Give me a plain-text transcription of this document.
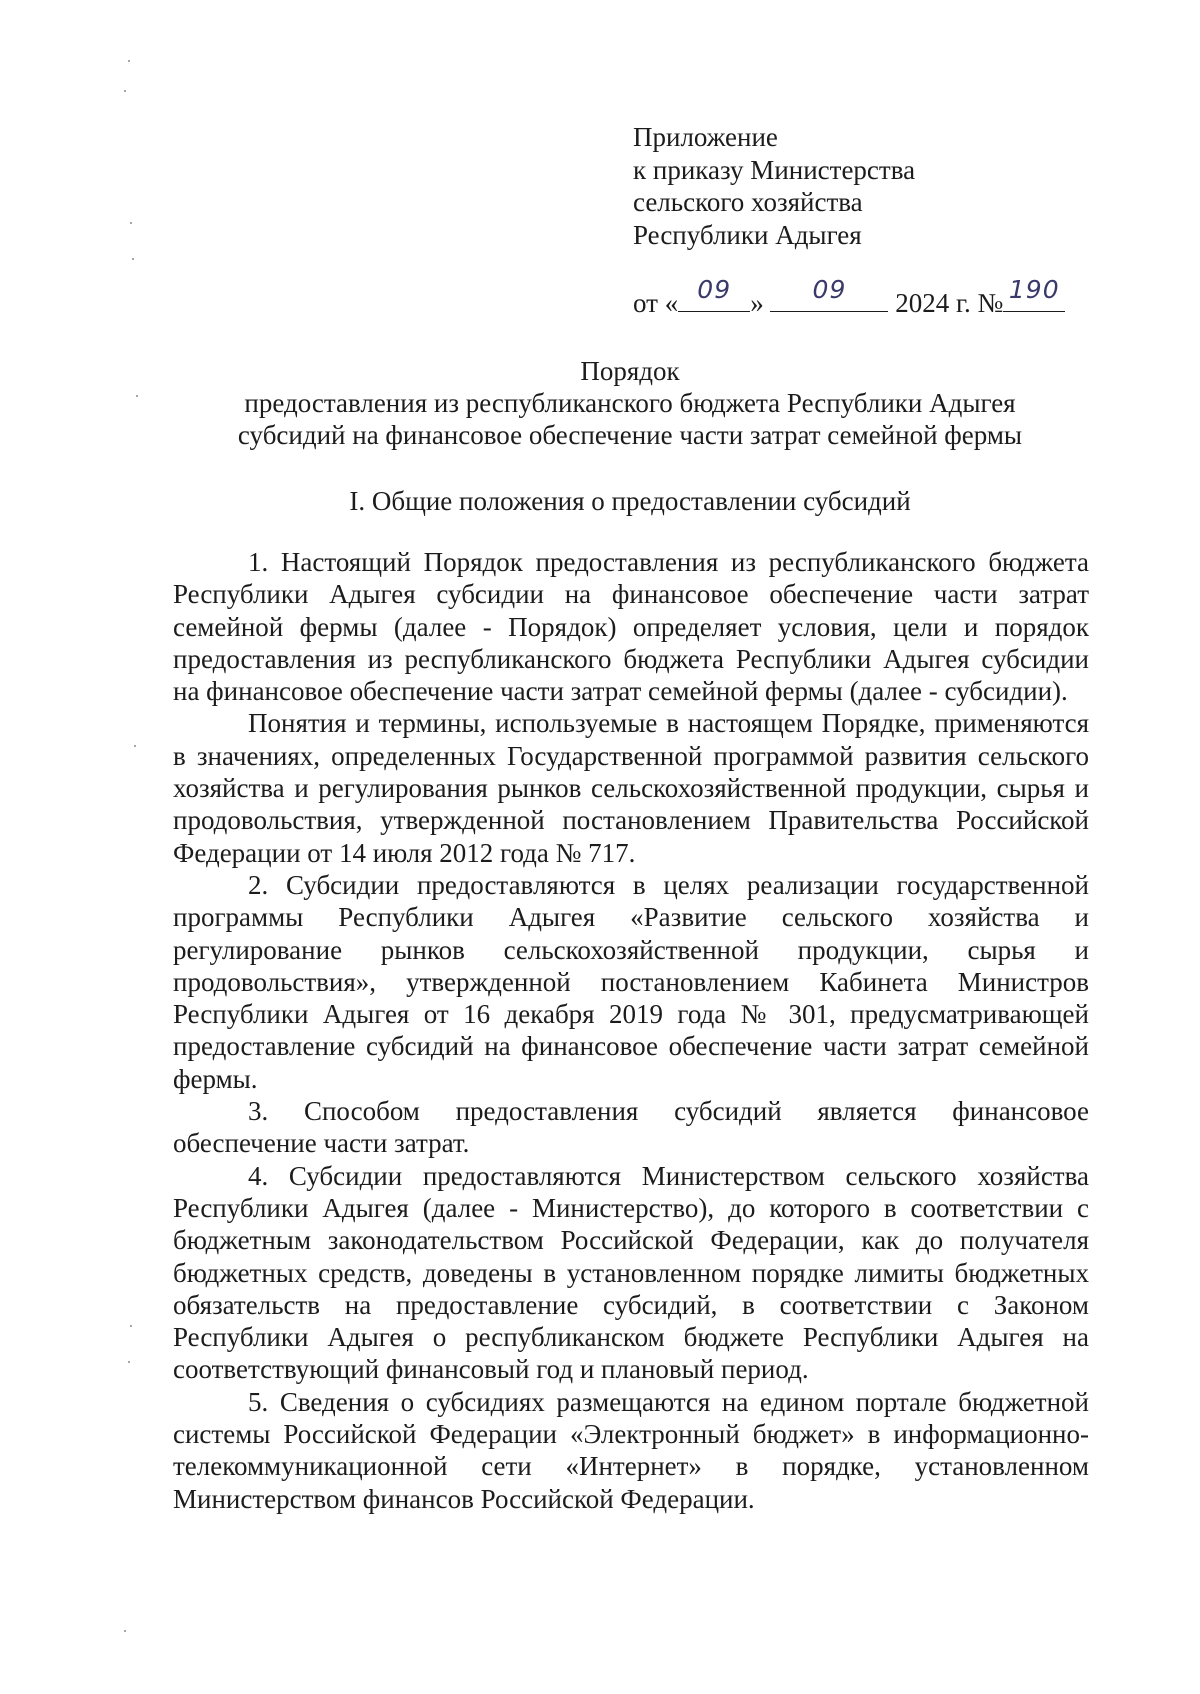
Приложение
к приказу Министерства
сельского хозяйства
Республики Адыгея
от « 09 »	09	2024 г. № 190
Порядок
предоставления из республиканского бюджета Республики Адыгея
субсидий на финансовое обеспечение части затрат семейной фермы
I. Общие положения о предоставлении субсидий

1. Настоящий Порядок предоставления из республиканского бюджета Республики Адыгея субсидии на финансовое обеспечение части затрат семейной фермы (далее - Порядок) определяет условия, цели и порядок предоставления из республиканского бюджета Республики Адыгея субсидии на финансовое обеспечение части затрат семейной фермы (далее - субсидии).

Понятия и термины, используемые в настоящем Порядке, применяются в значениях, определенных Государственной программой развития сельского хозяйства и регулирования рынков сельскохозяйственной продукции, сырья и продовольствия, утвержденной постановлением Правительства Российской Федерации от 14 июля 2012 года № 717.

2. Субсидии предоставляются в целях реализации государственной программы Республики Адыгея «Развитие сельского хозяйства и регулирование рынков сельскохозяйственной продукции, сырья и продовольствия», утвержденной постановлением Кабинета Министров Республики Адыгея от 16 декабря 2019 года № 301, предусматривающей предоставление субсидий на финансовое обеспечение части затрат семейной фермы.

3. Способом предоставления субсидий является финансовое обеспечение части затрат.

4. Субсидии предоставляются Министерством сельского хозяйства Республики Адыгея (далее - Министерство), до которого в соответствии с бюджетным законодательством Российской Федерации, как до получателя бюджетных средств, доведены в установленном порядке лимиты бюджетных обязательств на предоставление субсидий, в соответствии с Законом Республики Адыгея о республиканском бюджете Республики Адыгея на соответствующий финансовый год и плановый период.

5. Сведения о субсидиях размещаются на едином портале бюджетной системы Российской Федерации «Электронный бюджет» в информационно-телекоммуникационной сети «Интернет» в порядке, установленном Министерством финансов Российской Федерации.
